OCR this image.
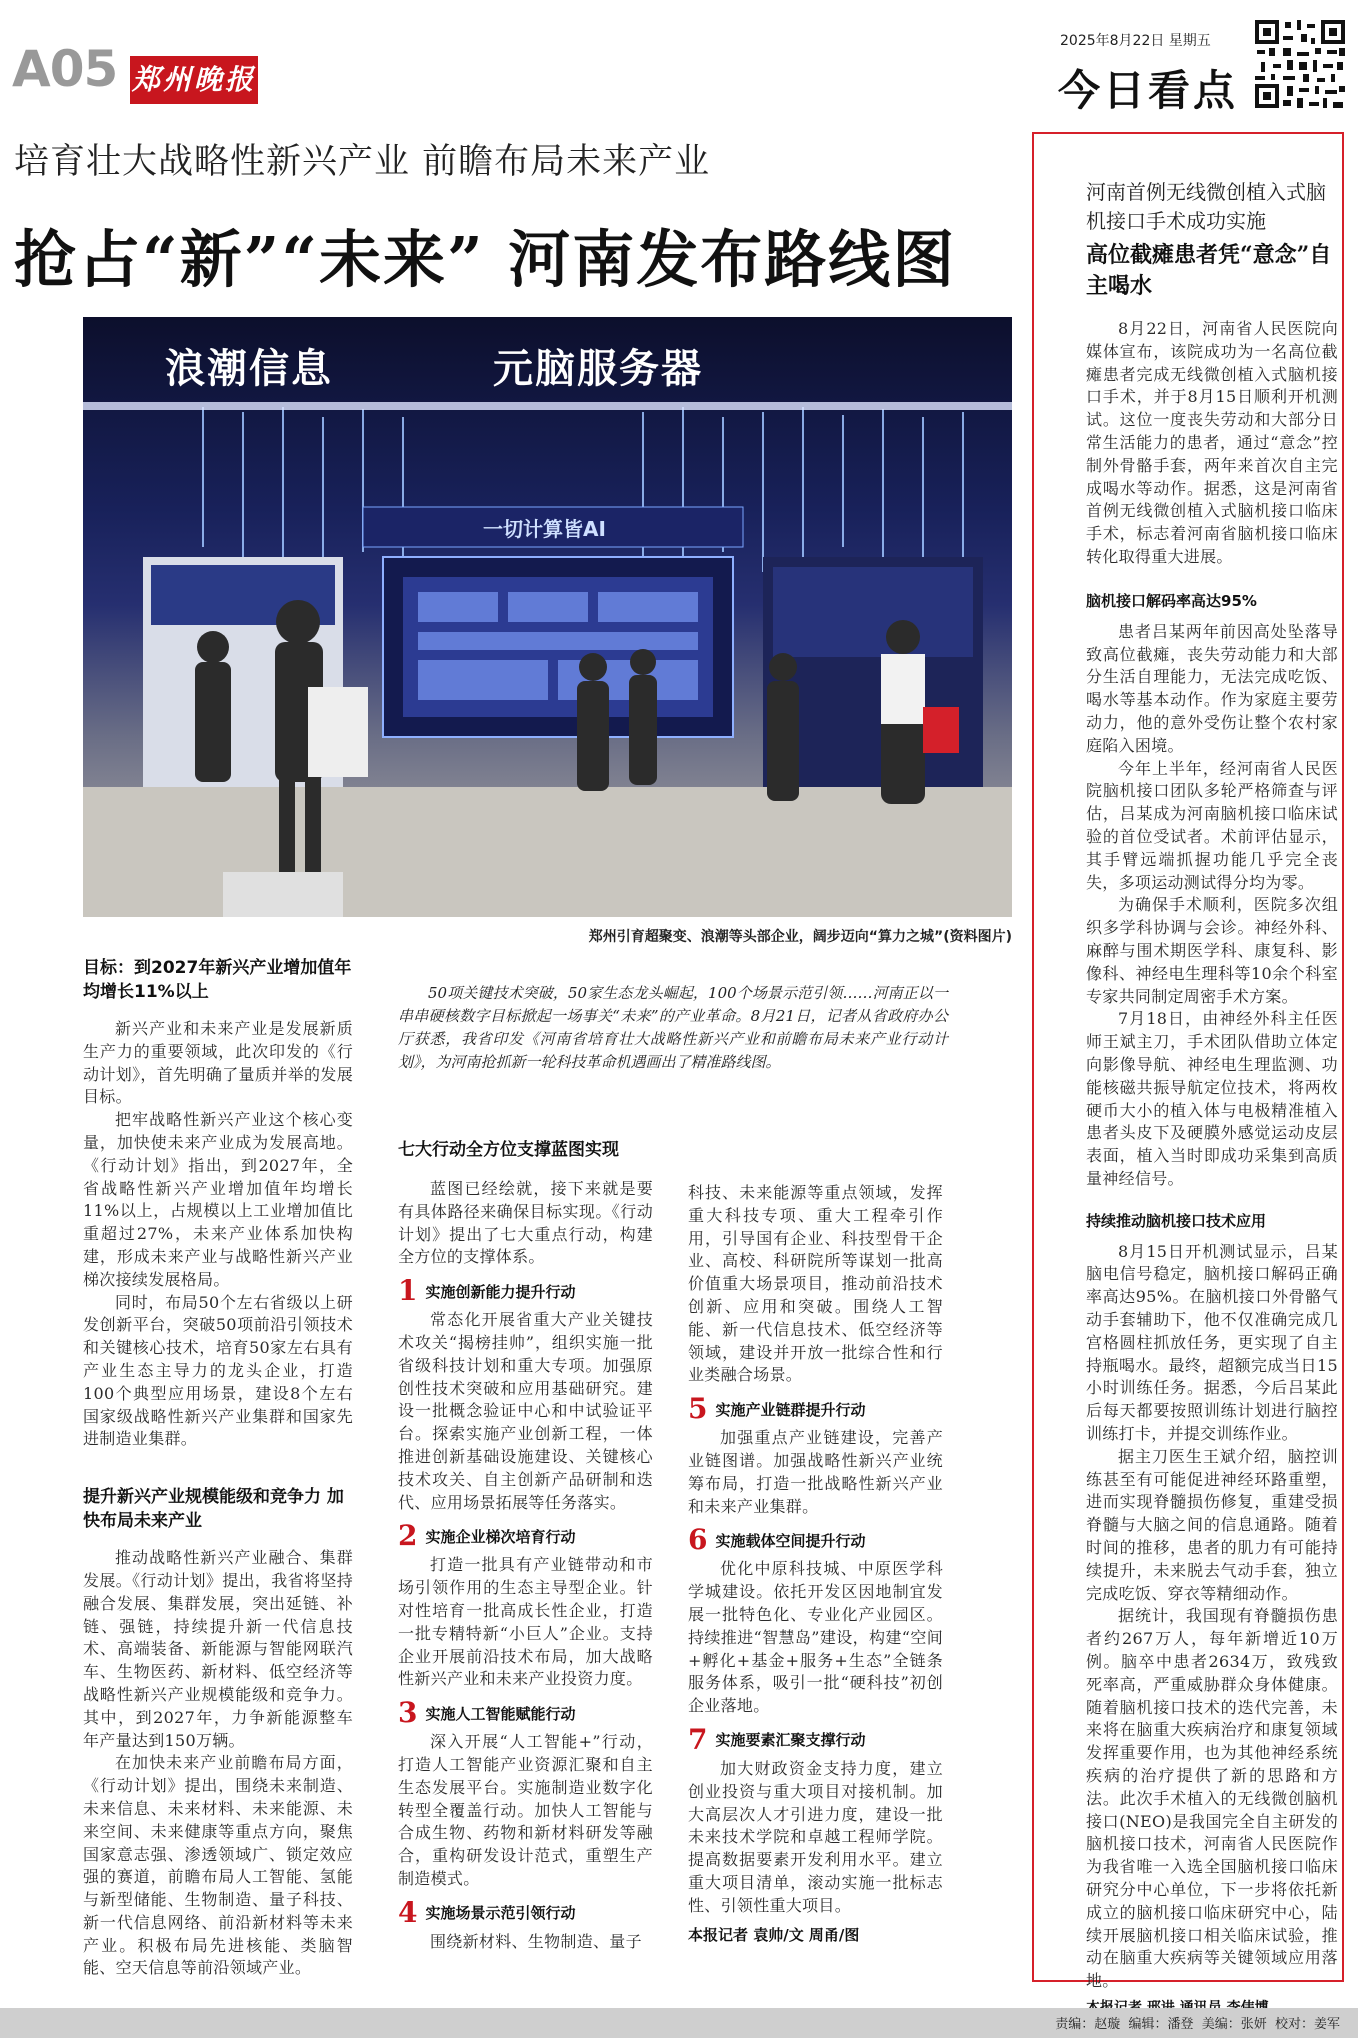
A05 郑州晚报
2025年8月22日 星期五
今日看点
培育壮大战略性新兴产业 前瞻布局未来产业
抢占“新”“未来” 河南发布路线图
浪潮信息	元脑服务器
一切计算皆AI
郑州引育超聚变、浪潮等头部企业，阔步迈向“算力之城”(资料图片)
50项关键技术突破，50家生态龙头崛起，100个场景示范引领……河南正以一串串硬核数字目标掀起一场事关“未来”的产业革命。8月21日，记者从省政府办公厅获悉，我省印发《河南省培育壮大战略性新兴产业和前瞻布局未来产业行动计划》，为河南抢抓新一轮科技革命机遇画出了精准路线图。
目标：到2027年新兴产业增加值年均增长11%以上

新兴产业和未来产业是发展新质生产力的重要领域，此次印发的《行动计划》，首先明确了量质并举的发展目标。

把牢战略性新兴产业这个核心变量，加快使未来产业成为发展高地。《行动计划》指出，到2027年，全省战略性新兴产业增加值年均增长11%以上，占规模以上工业增加值比重超过27%，未来产业体系加快构建，形成未来产业与战略性新兴产业梯次接续发展格局。

同时，布局50个左右省级以上研发创新平台，突破50项前沿引领技术和关键核心技术，培育50家左右具有产业生态主导力的龙头企业，打造100个典型应用场景，建设8个左右国家级战略性新兴产业集群和国家先进制造业集群。

提升新兴产业规模能级和竞争力 加快布局未来产业

推动战略性新兴产业融合、集群发展。《行动计划》提出，我省将坚持融合发展、集群发展，突出延链、补链、强链，持续提升新一代信息技术、高端装备、新能源与智能网联汽车、生物医药、新材料、低空经济等战略性新兴产业规模能级和竞争力。其中，到2027年，力争新能源整车年产量达到150万辆。

在加快未来产业前瞻布局方面，《行动计划》提出，围绕未来制造、未来信息、未来材料、未来能源、未来空间、未来健康等重点方向，聚焦国家意志强、渗透领域广、锁定效应强的赛道，前瞻布局人工智能、氢能与新型储能、生物制造、量子科技、新一代信息网络、前沿新材料等未来产业。积极布局先进核能、类脑智能、空天信息等前沿领域产业。

七大行动全方位支撑蓝图实现

蓝图已经绘就，接下来就是要有具体路径来确保目标实现。《行动计划》提出了七大重点行动，构建全方位的支撑体系。

1 实施创新能力提升行动

常态化开展省重大产业关键技术攻关“揭榜挂帅”，组织实施一批省级科技计划和重大专项。加强原创性技术突破和应用基础研究。建设一批概念验证中心和中试验证平台。探索实施产业创新工程，一体推进创新基础设施建设、关键核心技术攻关、自主创新产品研制和迭代、应用场景拓展等任务落实。

2 实施企业梯次培育行动

打造一批具有产业链带动和市场引领作用的生态主导型企业。针对性培育一批高成长性企业，打造一批专精特新“小巨人”企业。支持企业开展前沿技术布局，加大战略性新兴产业和未来产业投资力度。

3 实施人工智能赋能行动

深入开展“人工智能+”行动，打造人工智能产业资源汇聚和自主生态发展平台。实施制造业数字化转型全覆盖行动。加快人工智能与合成生物、药物和新材料研发等融合，重构研发设计范式，重塑生产制造模式。

4 实施场景示范引领行动

围绕新材料、生物制造、量子

科技、未来能源等重点领域，发挥重大科技专项、重大工程牵引作用，引导国有企业、科技型骨干企业、高校、科研院所等谋划一批高价值重大场景项目，推动前沿技术创新、应用和突破。围绕人工智能、新一代信息技术、低空经济等领域，建设并开放一批综合性和行业类融合场景。

5 实施产业链群提升行动

加强重点产业链建设，完善产业链图谱。加强战略性新兴产业统筹布局，打造一批战略性新兴产业和未来产业集群。

6 实施载体空间提升行动

优化中原科技城、中原医学科学城建设。依托开发区因地制宜发展一批特色化、专业化产业园区。持续推进“智慧岛”建设，构建“空间+孵化+基金+服务+生态”全链条服务体系，吸引一批“硬科技”初创企业落地。

7 实施要素汇聚支撑行动

加大财政资金支持力度，建立创业投资与重大项目对接机制。加大高层次人才引进力度，建设一批未来技术学院和卓越工程师学院。提高数据要素开发利用水平。建立重大项目清单，滚动实施一批标志性、引领性重大项目。

本报记者 袁帅/文 周甬/图
河南首例无线微创植入式脑机接口手术成功实施
高位截瘫患者凭“意念”自主喝水

8月22日，河南省人民医院向媒体宣布，该院成功为一名高位截瘫患者完成无线微创植入式脑机接口手术，并于8月15日顺利开机测试。这位一度丧失劳动和大部分日常生活能力的患者，通过“意念”控制外骨骼手套，两年来首次自主完成喝水等动作。据悉，这是河南省首例无线微创植入式脑机接口临床手术，标志着河南省脑机接口临床转化取得重大进展。

脑机接口解码率高达95%

患者吕某两年前因高处坠落导致高位截瘫，丧失劳动能力和大部分生活自理能力，无法完成吃饭、喝水等基本动作。作为家庭主要劳动力，他的意外受伤让整个农村家庭陷入困境。

今年上半年，经河南省人民医院脑机接口团队多轮严格筛查与评估，吕某成为河南脑机接口临床试验的首位受试者。术前评估显示，其手臂远端抓握功能几乎完全丧失，多项运动测试得分均为零。

为确保手术顺利，医院多次组织多学科协调与会诊。神经外科、麻醉与围术期医学科、康复科、影像科、神经电生理科等10余个科室专家共同制定周密手术方案。

7月18日，由神经外科主任医师王斌主刀，手术团队借助立体定向影像导航、神经电生理监测、功能核磁共振导航定位技术，将两枚硬币大小的植入体与电极精准植入患者头皮下及硬膜外感觉运动皮层表面，植入当时即成功采集到高质量神经信号。

持续推动脑机接口技术应用

8月15日开机测试显示，吕某脑电信号稳定，脑机接口解码正确率高达95%。在脑机接口外骨骼气动手套辅助下，他不仅准确完成几宫格圆柱抓放任务，更实现了自主持瓶喝水。最终，超额完成当日15小时训练任务。据悉，今后吕某此后每天都要按照训练计划进行脑控训练打卡，并提交训练作业。

据主刀医生王斌介绍，脑控训练甚至有可能促进神经环路重塑，进而实现脊髓损伤修复，重建受损脊髓与大脑之间的信息通路。随着时间的推移，患者的肌力有可能持续提升，未来脱去气动手套，独立完成吃饭、穿衣等精细动作。

据统计，我国现有脊髓损伤患者约267万人，每年新增近10万例。脑卒中患者2634万，致残致死率高，严重威胁群众身体健康。随着脑机接口技术的迭代完善，未来将在脑重大疾病治疗和康复领域发挥重要作用，也为其他神经系统疾病的治疗提供了新的思路和方法。此次手术植入的无线微创脑机接口(NEO)是我国完全自主研发的脑机接口技术，河南省人民医院作为我省唯一入选全国脑机接口临床研究分中心单位，下一步将依托新成立的脑机接口临床研究中心，陆续开展脑机接口相关临床试验，推动在脑重大疾病等关键领域应用落地。

责编：赵璇  编辑：潘登  美编：张妍  校对：姜军
